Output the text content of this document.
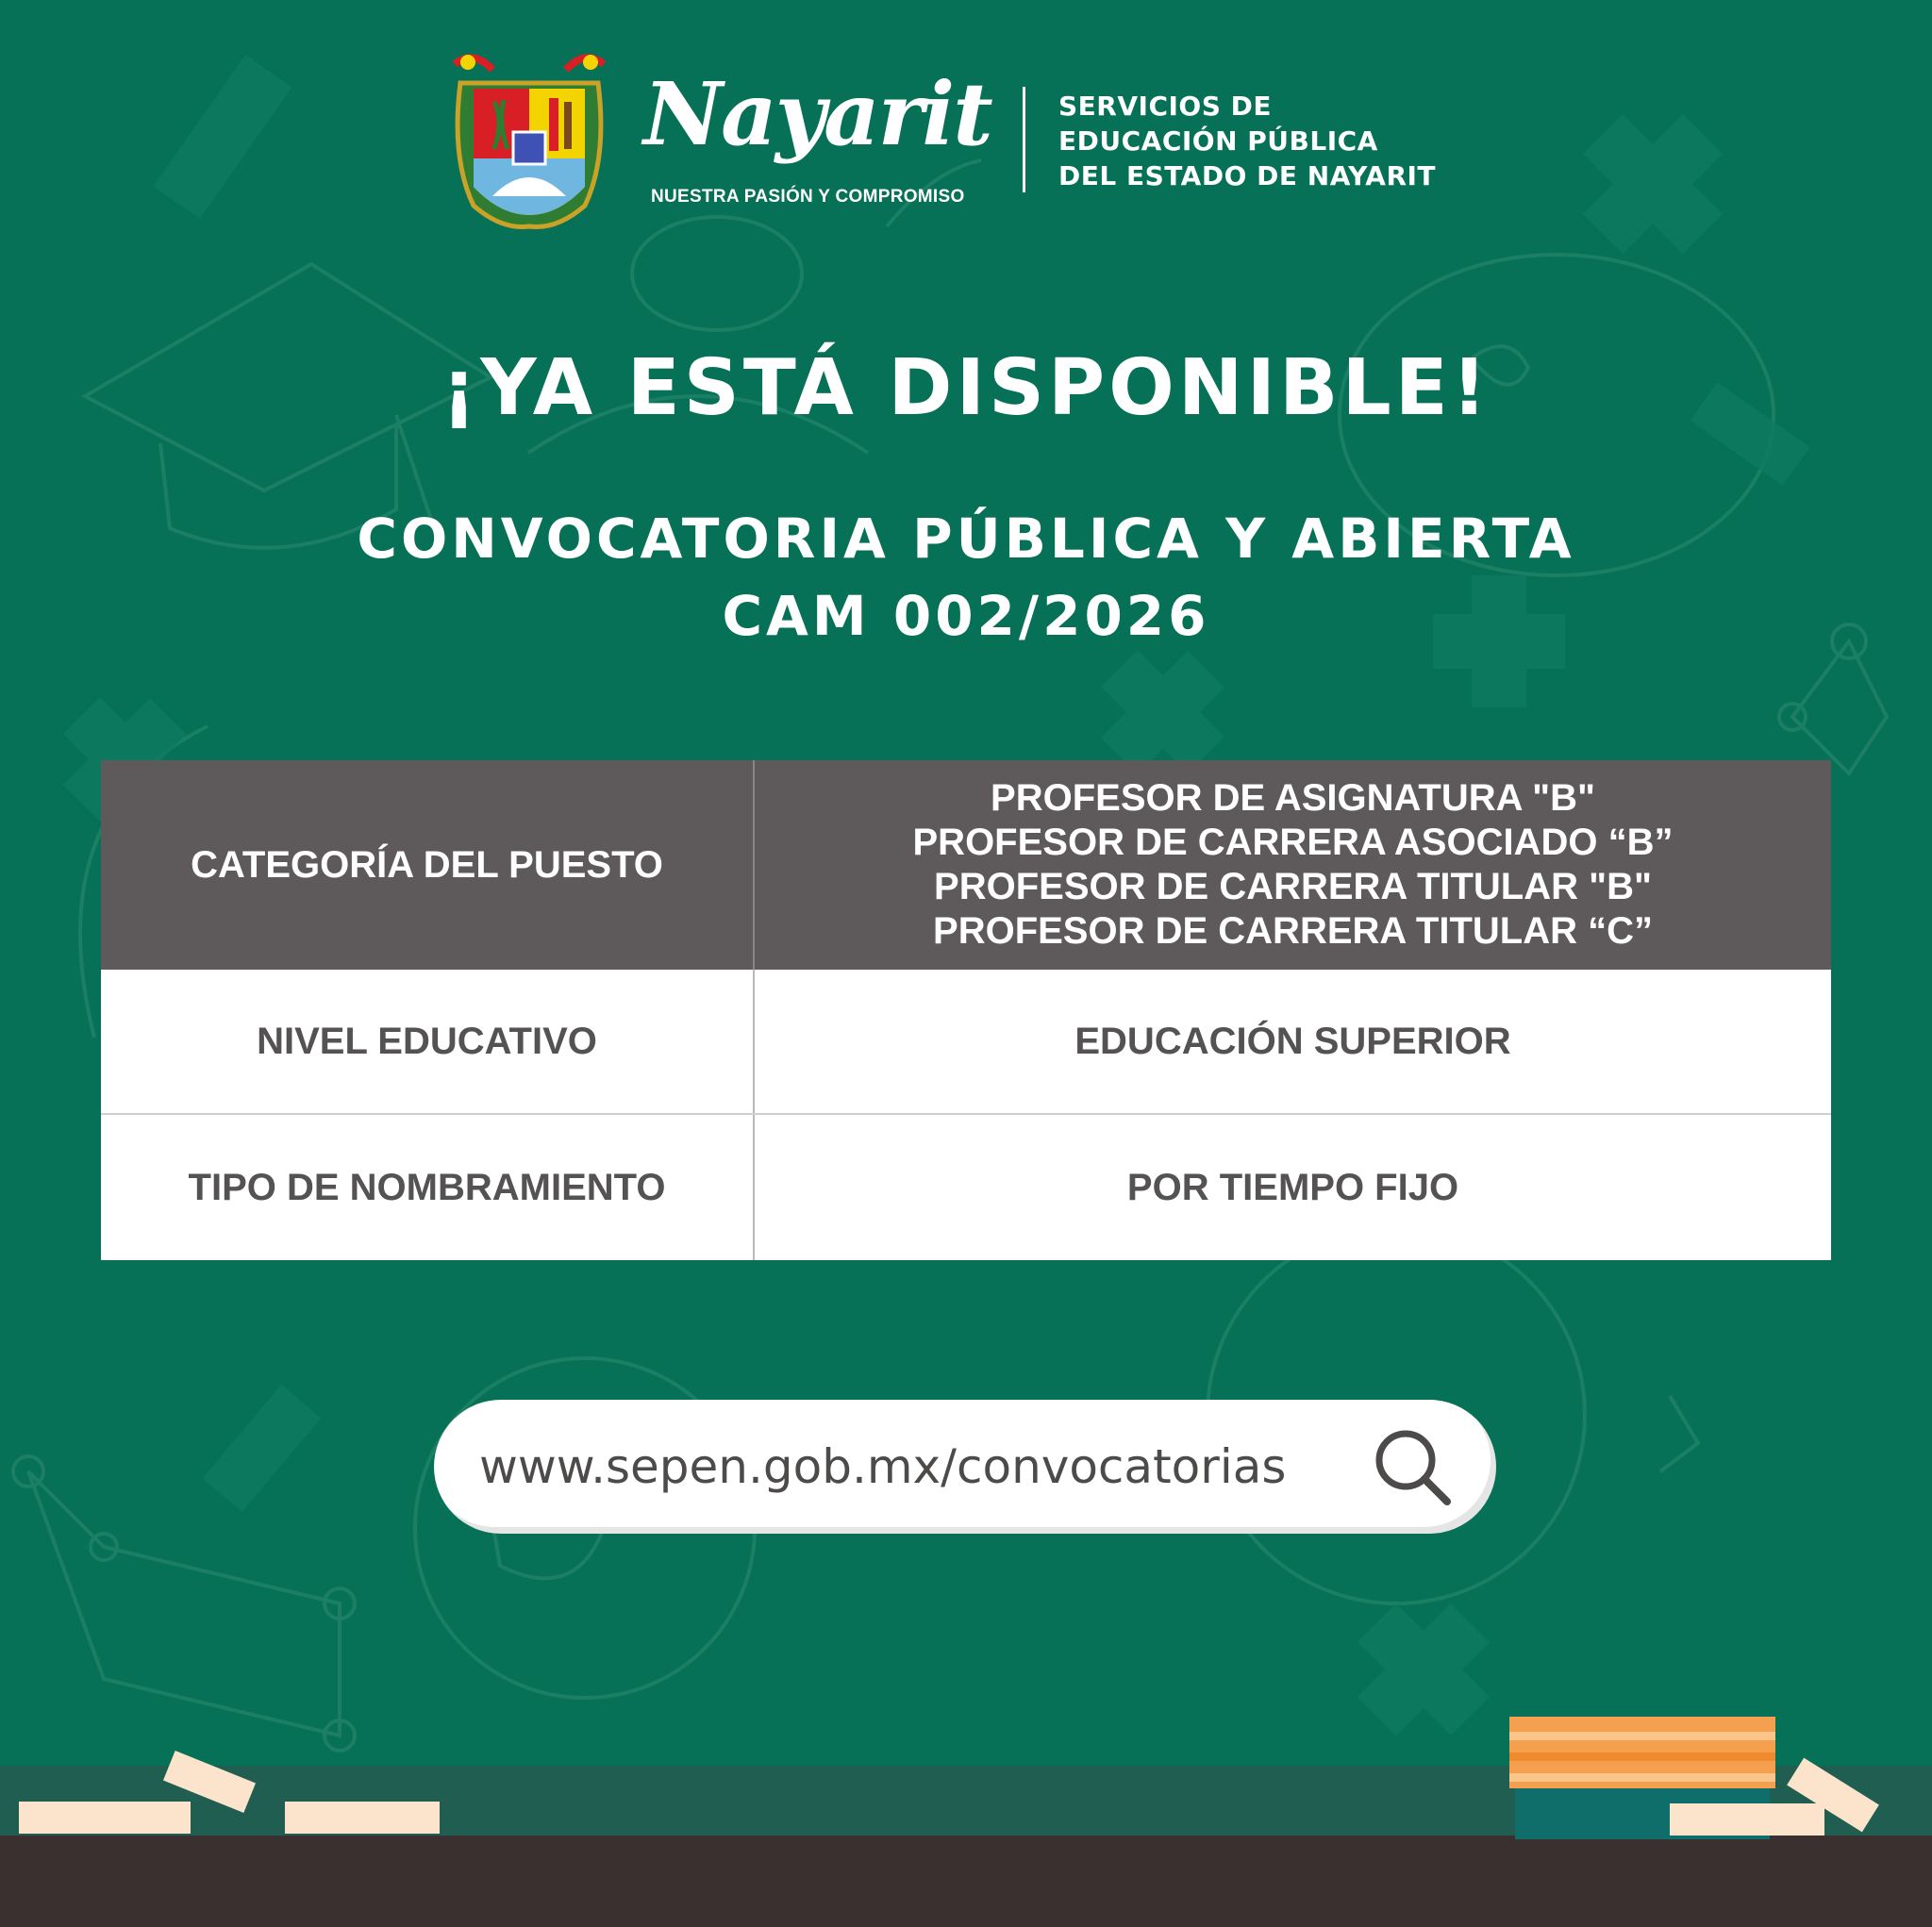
Nayarit
NUESTRA PASIÓN Y COMPROMISO
SERVICIOS DE
EDUCACIÓN PÚBLICA
DEL ESTADO DE NAYARIT
¡YA ESTÁ DISPONIBLE!
CONVOCATORIA PÚBLICA Y ABIERTA
CAM 002/2026
CATEGORÍA DEL PUESTO	PROFESOR DE ASIGNATURA "B"
PROFESOR DE CARRERA ASOCIADO “B”
PROFESOR DE CARRERA TITULAR "B"
PROFESOR DE CARRERA TITULAR “C”

NIVEL EDUCATIVO	EDUCACIÓN SUPERIOR
TIPO DE NOMBRAMIENTO	POR TIEMPO FIJO
www.sepen.gob.mx/convocatorias
